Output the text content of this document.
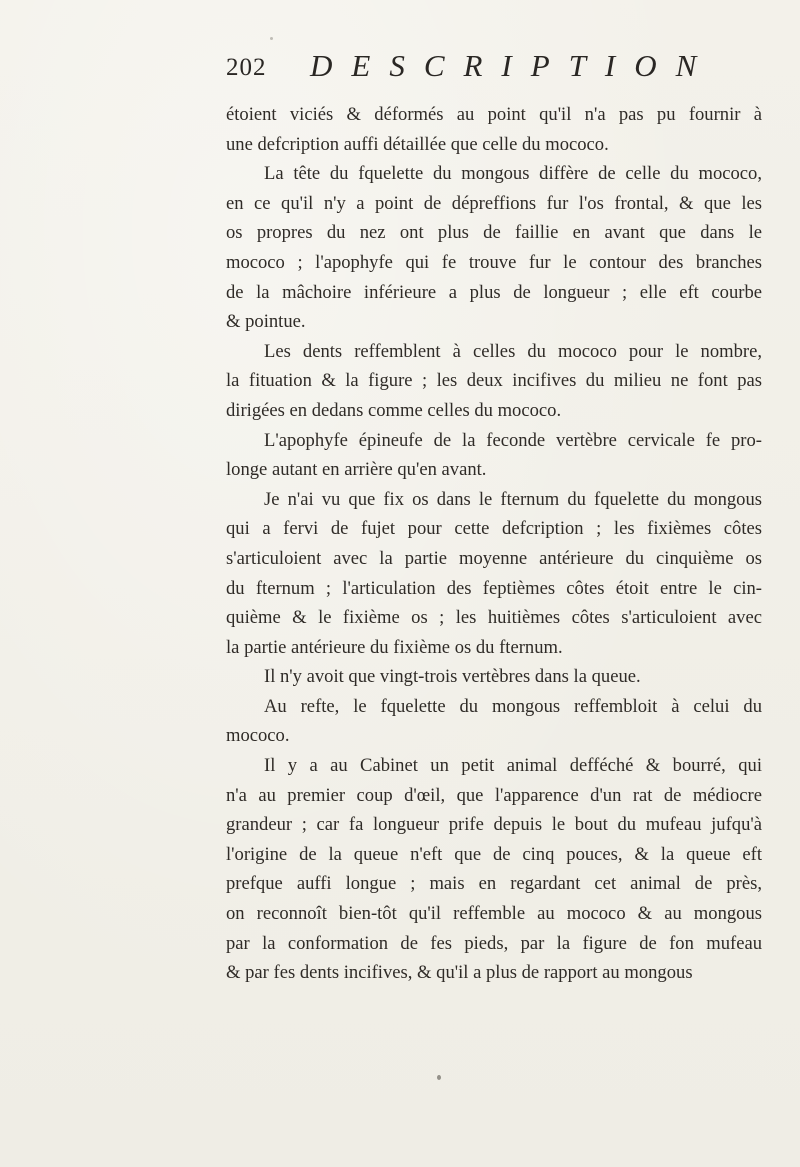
202 DESCRIPTION
étoient viciés & déformés au point qu'il n'a pas pu fournir à
une defcription auffi détaillée que celle du mococo.
La tête du fquelette du mongous diffère de celle du mococo,
en ce qu'il n'y a point de dépreffions fur l'os frontal, & que les
os propres du nez ont plus de faillie en avant que dans le
mococo ; l'apophyfe qui fe trouve fur le contour des branches
de la mâchoire inférieure a plus de longueur ; elle eft courbe
& pointue.
Les dents reffemblent à celles du mococo pour le nombre,
la fituation & la figure ; les deux incifives du milieu ne font pas
dirigées en dedans comme celles du mococo.
L'apophyfe épineufe de la feconde vertèbre cervicale fe pro-
longe autant en arrière qu'en avant.
Je n'ai vu que fix os dans le fternum du fquelette du mongous
qui a fervi de fujet pour cette defcription ; les fixièmes côtes
s'articuloient avec la partie moyenne antérieure du cinquième os
du fternum ; l'articulation des feptièmes côtes étoit entre le cin-
quième & le fixième os ; les huitièmes côtes s'articuloient avec
la partie antérieure du fixième os du fternum.
Il n'y avoit que vingt-trois vertèbres dans la queue.
Au refte, le fquelette du mongous reffembloit à celui du
mococo.
Il y a au Cabinet un petit animal defféché & bourré, qui
n'a au premier coup d'œil, que l'apparence d'un rat de médiocre
grandeur ; car fa longueur prife depuis le bout du mufeau jufqu'à
l'origine de la queue n'eft que de cinq pouces, & la queue eft
prefque auffi longue ; mais en regardant cet animal de près,
on reconnoît bien-tôt qu'il reffemble au mococo & au mongous
par la conformation de fes pieds, par la figure de fon mufeau
& par fes dents incifives, & qu'il a plus de rapport au mongous
